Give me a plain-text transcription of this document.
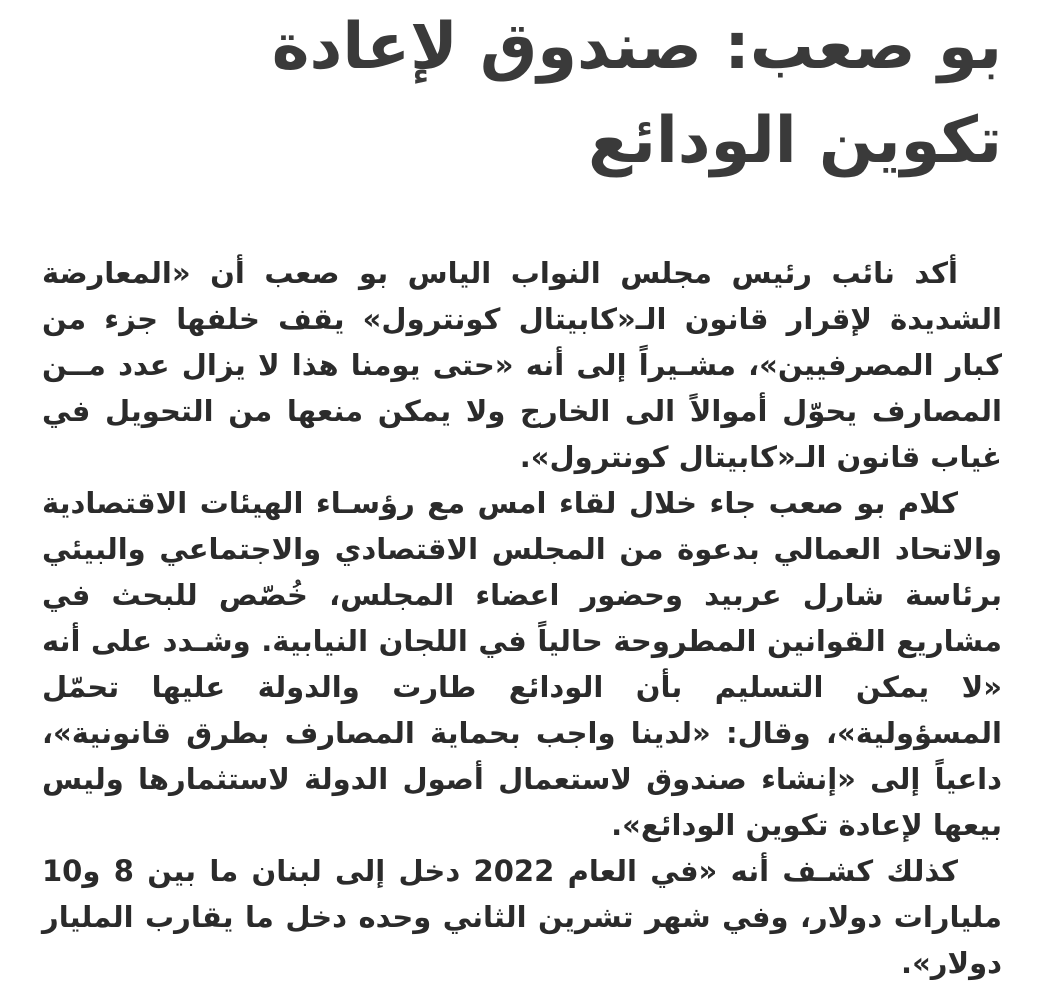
بو صعب: صندوق لإعادة
تكوين الودائع

أكد نائب رئيس مجلس النواب الياس بو صعب أن «المعارضة الشديدة لإقرار قانون الـ«كابيتال كونترول» يقف خلفها جزء من كبار المصرفيين»، مشـيراً إلى أنه «حتى يومنا هذا لا يزال عدد مــن المصارف يحوّل أموالاً الى الخارج ولا يمكن منعها من التحويل في غياب قانون الـ«كابيتال كونترول».

كلام بو صعب جاء خلال لقاء امس مع رؤسـاء الهيئات الاقتصادية والاتحاد العمالي بدعوة من المجلس الاقتصادي والاجتماعي والبيئي برئاسة شارل عربيد وحضور اعضاء المجلس، خُصّص للبحث في مشاريع القوانين المطروحة حالياً في اللجان النيابية. وشـدد على أنه «لا يمكن التسليم بأن الودائع طارت والدولة عليها تحمّل المسؤولية»، وقال: «لدينا واجب بحماية المصارف بطرق قانونية»، داعياً إلى «إنشاء صندوق لاستعمال أصول الدولة لاستثمارها وليس بيعها لإعادة تكوين الودائع».

كذلك كشـف أنه «في العام 2022 دخل إلى لبنان ما بين 8 و10 مليارات دولار، وفي شهر تشرين الثاني وحده دخل ما يقارب المليار دولار».
